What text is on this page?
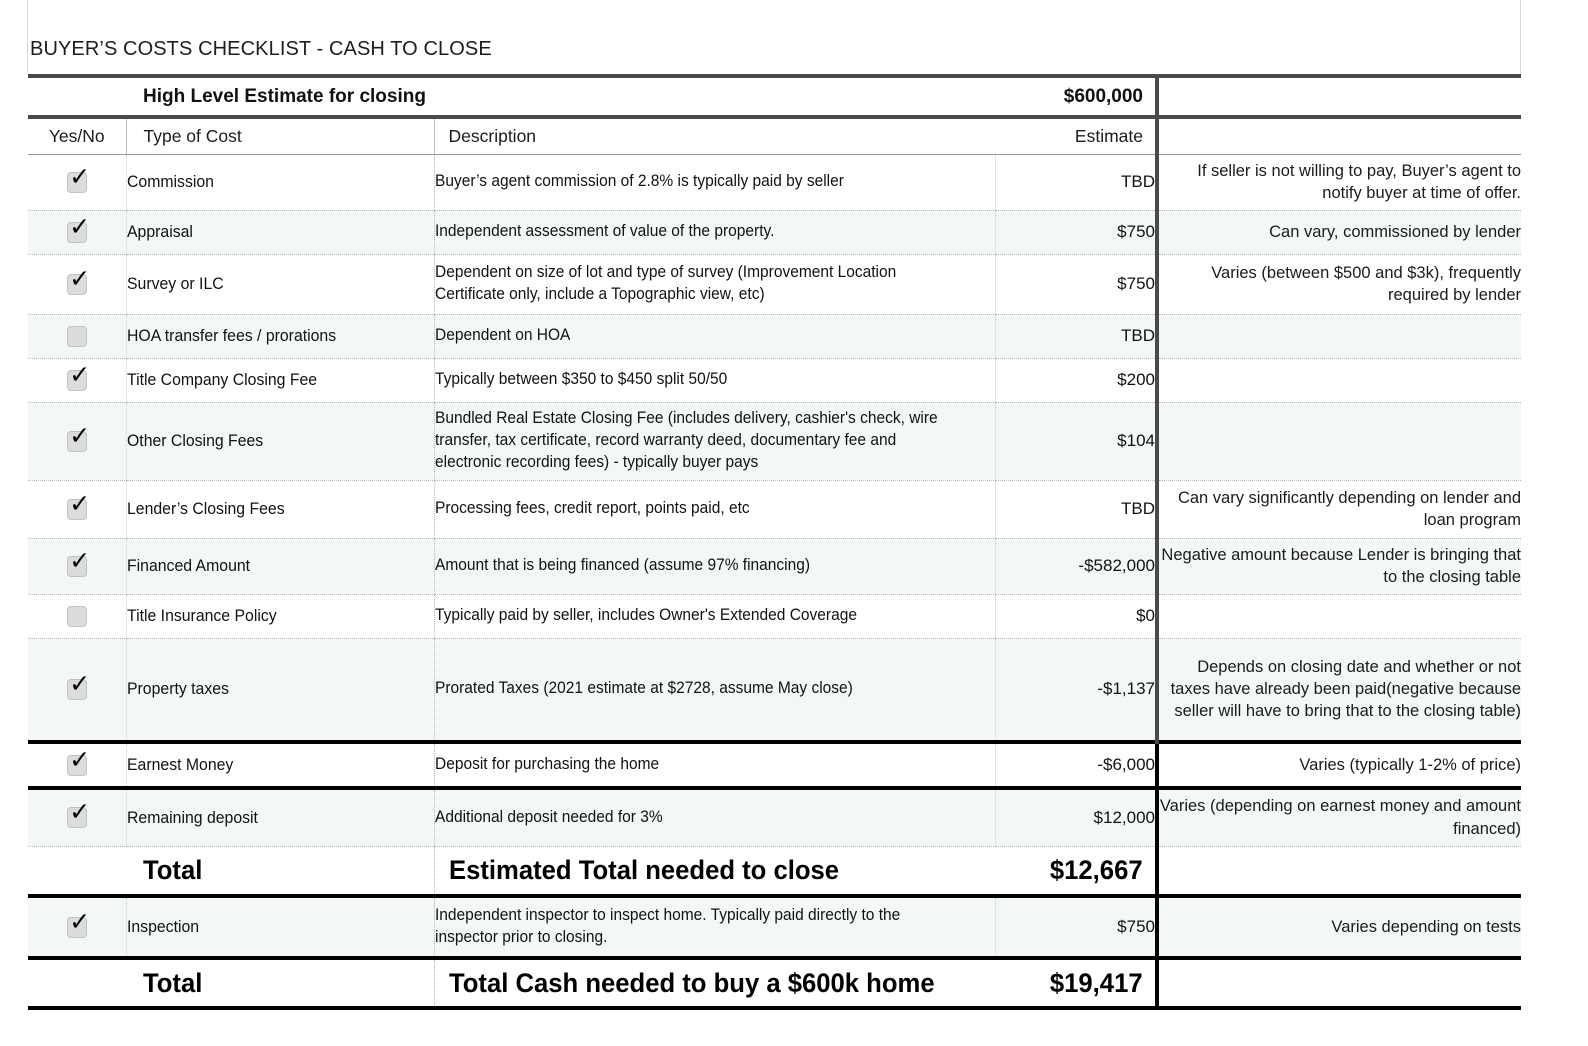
BUYER’S COSTS CHECKLIST - CASH TO CLOSE

	High Level Estimate for closing		$600,000	
Yes/No	Type of Cost	Description	Estimate	

✓	Commission	Buyer’s agent commission of 2.8% is typically paid by seller	TBD	If seller is not willing to pay, Buyer’s agent to notify buyer at time of offer.

✓	Appraisal	Independent assessment of value of the property.	$750	Can vary, commissioned by lender

✓	Survey or ILC	Dependent on size of lot and type of survey (Improvement Location Certificate only, include a Topographic view, etc)	$750	Varies (between $500 and $3k), frequently required by lender
	HOA transfer fees / prorations	Dependent on HOA	TBD	

✓	Title Company Closing Fee	Typically between $350 to $450 split 50/50	$200	

✓	Other Closing Fees	Bundled Real Estate Closing Fee (includes delivery, cashier's check, wire transfer, tax certificate, record warranty deed, documentary fee and electronic recording fees) - typically buyer pays	$104	

✓	Lender’s Closing Fees	Processing fees, credit report, points paid, etc	TBD	Can vary significantly depending on lender and loan program

✓	Financed Amount	Amount that is being financed (assume 97% financing)	-$582,000	Negative amount because Lender is bringing that to the closing table
	Title Insurance Policy	Typically paid by seller, includes Owner's Extended Coverage	$0	

✓	Property taxes	Prorated Taxes (2021 estimate at $2728, assume May close)	-$1,137	Depends on closing date and whether or not taxes have already been paid(negative because seller will have to bring that to the closing table)

✓	Earnest Money	Deposit for purchasing the home	-$6,000	Varies (typically 1-2% of price)

✓	Remaining deposit	Additional deposit needed for 3%	$12,000	Varies (depending on earnest money and amount financed)
	Total	Estimated Total needed to close	$12,667	

✓	Inspection	Independent inspector to inspect home. Typically paid directly to the inspector prior to closing.	$750	Varies depending on tests
	Total	Total Cash needed to buy a $600k home	$19,417	
